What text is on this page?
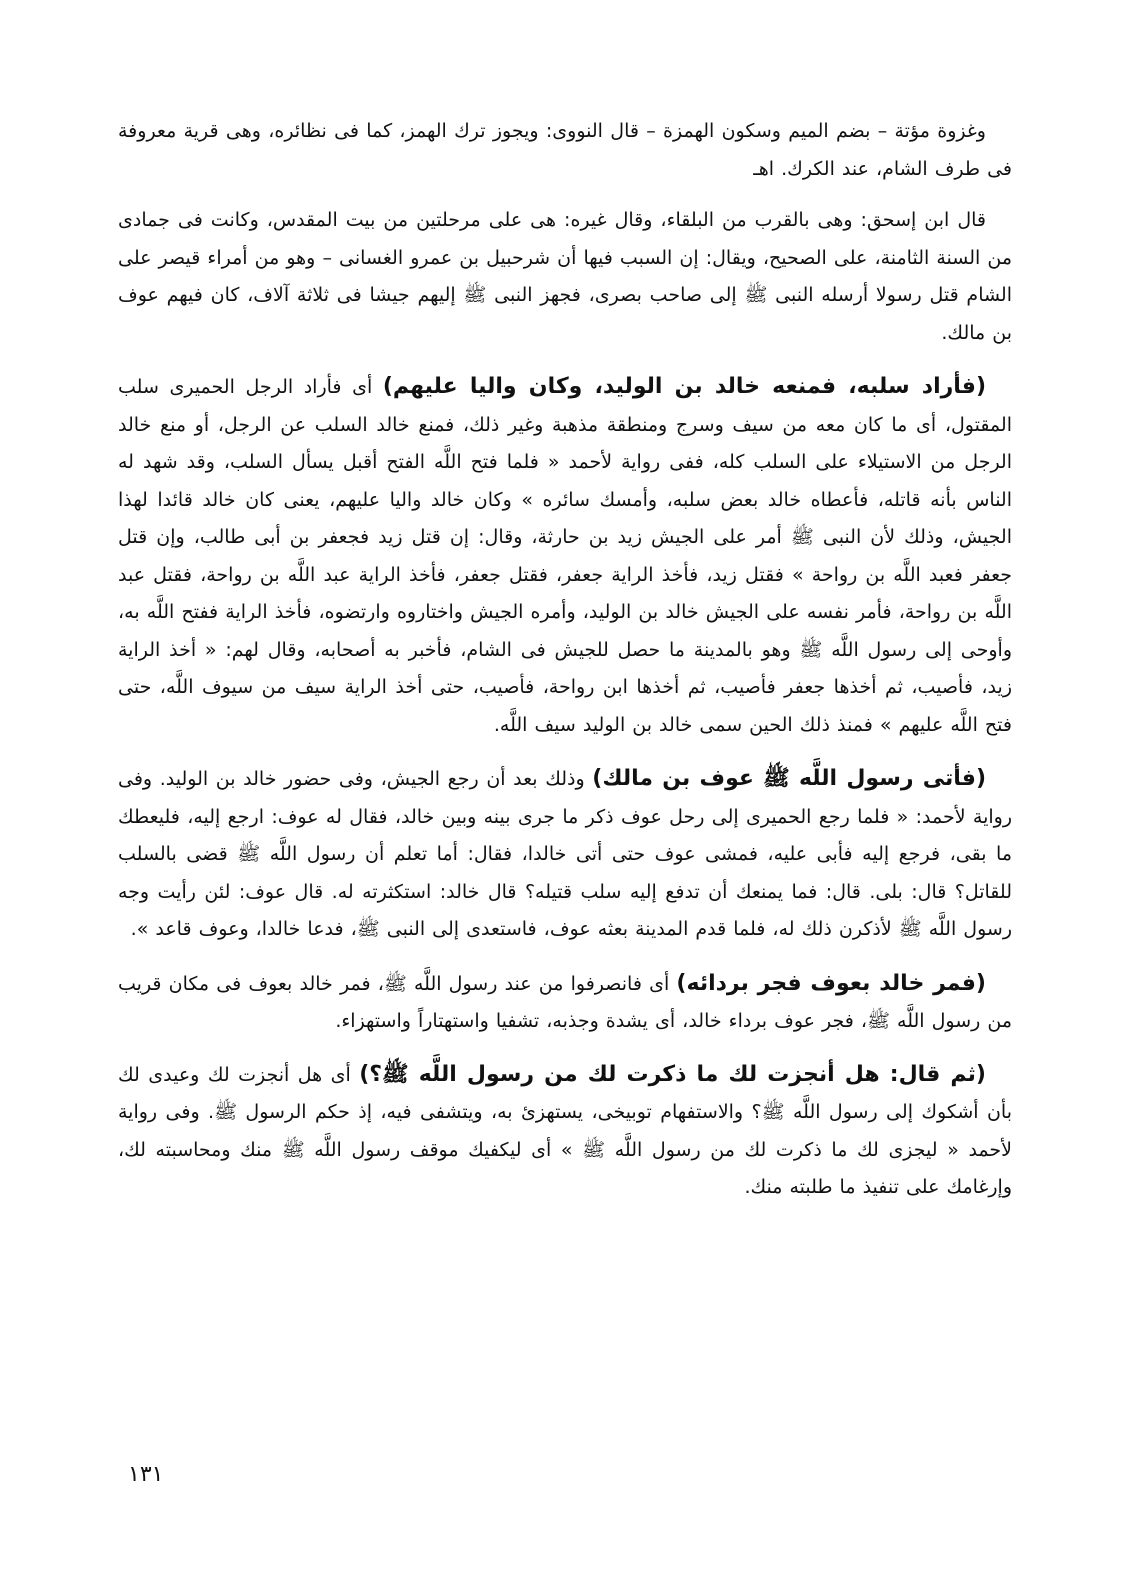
وغزوة مؤتة – بضم الميم وسكون الهمزة – قال النووى: ويجوز ترك الهمز، كما فى نظائره، وهى قرية معروفة فى طرف الشام، عند الكرك. اهـ

قال ابن إسحق: وهى بالقرب من البلقاء، وقال غيره: هى على مرحلتين من بيت المقدس، وكانت فى جمادى من السنة الثامنة، على الصحيح، ويقال: إن السبب فيها أن شرحبيل بن عمرو الغسانى – وهو من أمراء قيصر على الشام قتل رسولا أرسله النبى ﷺ إلى صاحب بصرى، فجهز النبى ﷺ إليهم جيشا فى ثلاثة آلاف، كان فيهم عوف بن مالك.

(فأراد سلبه، فمنعه خالد بن الوليد، وكان واليا عليهم) أى فأراد الرجل الحميرى سلب المقتول، أى ما كان معه من سيف وسرج ومنطقة مذهبة وغير ذلك، فمنع خالد السلب عن الرجل، أو منع خالد الرجل من الاستيلاء على السلب كله، ففى رواية لأحمد « فلما فتح اللَّه الفتح أقبل يسأل السلب، وقد شهد له الناس بأنه قاتله، فأعطاه خالد بعض سلبه، وأمسك سائره » وكان خالد واليا عليهم، يعنى كان خالد قائدا لهذا الجيش، وذلك لأن النبى ﷺ أمر على الجيش زيد بن حارثة، وقال: إن قتل زيد فجعفر بن أبى طالب، وإن قتل جعفر فعبد اللَّه بن رواحة » فقتل زيد، فأخذ الراية جعفر، فقتل جعفر، فأخذ الراية عبد اللَّه بن رواحة، فقتل عبد اللَّه بن رواحة، فأمر نفسه على الجيش خالد بن الوليد، وأمره الجيش واختاروه وارتضوه، فأخذ الراية ففتح اللَّه به، وأوحى إلى رسول اللَّه ﷺ وهو بالمدينة ما حصل للجيش فى الشام، فأخبر به أصحابه، وقال لهم: « أخذ الراية زيد، فأصيب، ثم أخذها جعفر فأصيب، ثم أخذها ابن رواحة، فأصيب، حتى أخذ الراية سيف من سيوف اللَّه، حتى فتح اللَّه عليهم » فمنذ ذلك الحين سمى خالد بن الوليد سيف اللَّه.

(فأتى رسول اللَّه ﷺ عوف بن مالك) وذلك بعد أن رجع الجيش، وفى حضور خالد بن الوليد. وفى رواية لأحمد: « فلما رجع الحميرى إلى رحل عوف ذكر ما جرى بينه وبين خالد، فقال له عوف: ارجع إليه، فليعطك ما بقى، فرجع إليه فأبى عليه، فمشى عوف حتى أتى خالدا، فقال: أما تعلم أن رسول اللَّه ﷺ قضى بالسلب للقاتل؟ قال: بلى. قال: فما يمنعك أن تدفع إليه سلب قتيله؟ قال خالد: استكثرته له. قال عوف: لئن رأيت وجه رسول اللَّه ﷺ لأذكرن ذلك له، فلما قدم المدينة بعثه عوف، فاستعدى إلى النبى ﷺ، فدعا خالدا، وعوف قاعد ».

(فمر خالد بعوف فجر بردائه) أى فانصرفوا من عند رسول اللَّه ﷺ، فمر خالد بعوف فى مكان قريب من رسول اللَّه ﷺ، فجر عوف برداء خالد، أى يشدة وجذبه، تشفيا واستهتاراً واستهزاء.

(ثم قال: هل أنجزت لك ما ذكرت لك من رسول اللَّه ﷺ؟) أى هل أنجزت لك وعيدى لك بأن أشكوك إلى رسول اللَّه ﷺ؟ والاستفهام توبيخى، يستهزئ به، ويتشفى فيه، إذ حكم الرسول ﷺ. وفى رواية لأحمد « ليجزى لك ما ذكرت لك من رسول اللَّه ﷺ » أى ليكفيك موقف رسول اللَّه ﷺ منك ومحاسبته لك، وإرغامك على تنفيذ ما طلبته منك.

١٣١
